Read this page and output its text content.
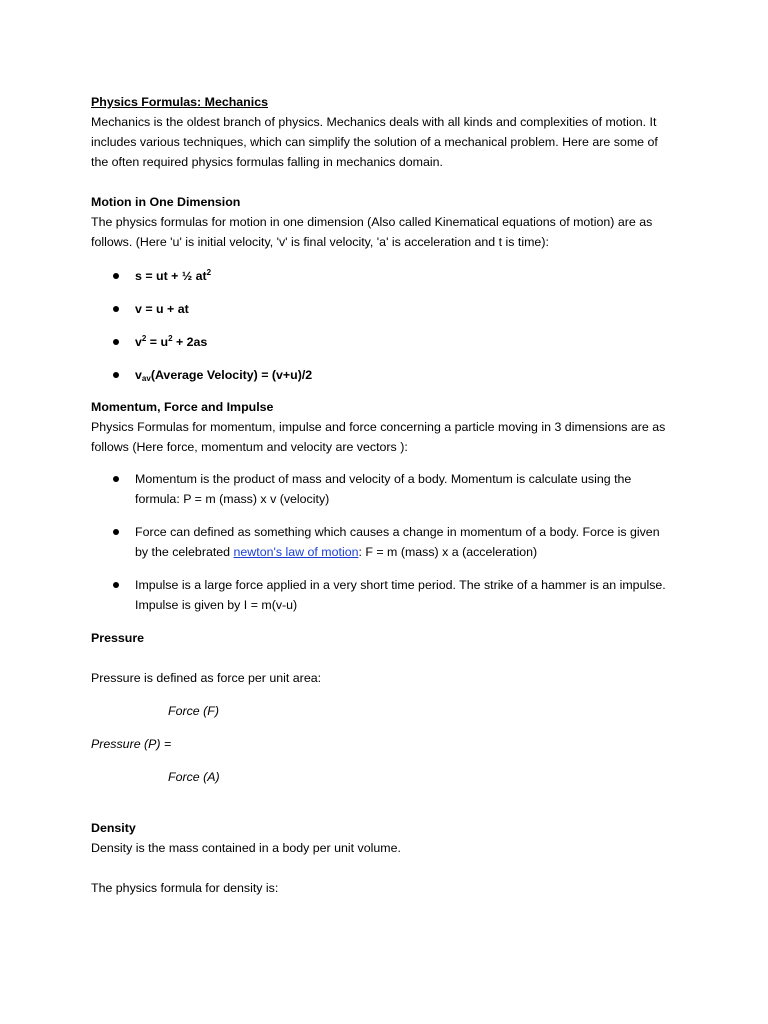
Physics Formulas: Mechanics
Mechanics is the oldest branch of physics. Mechanics deals with all kinds and complexities of motion. It
includes various techniques, which can simplify the solution of a mechanical problem. Here are some of
the often required physics formulas falling in mechanics domain.
Motion in One Dimension
The physics formulas for motion in one dimension (Also called Kinematical equations of motion) are as
follows. (Here 'u' is initial velocity, 'v' is final velocity, 'a' is acceleration and t is time):
s = ut + ½ $at^2$
v = u + at
$v^2 = u^2 + 2as$
$v_{av}(Average$ Velocity) = (v+u)/2
Momentum, Force and Impulse
Physics Formulas for momentum, impulse and force concerning a particle moving in 3 dimensions are as
follows (Here force, momentum and velocity are vectors ):
Momentum is the product of mass and velocity of a body. Momentum is calculate using the
formula: P = m (mass) x v (velocity)
Force can defined as something which causes a change in momentum of a body. Force is given
by the celebrated newton's law of motion: F = m (mass) x a (acceleration)
Impulse is a large force applied in a very short time period. The strike of a hammer is an impulse.
Impulse is given by I = m(v-u)
Pressure
Pressure is defined as force per unit area:
Force (F)
Pressure (P) =
Force (A)
Density
Density is the mass contained in a body per unit volume.
The physics formula for density is:
